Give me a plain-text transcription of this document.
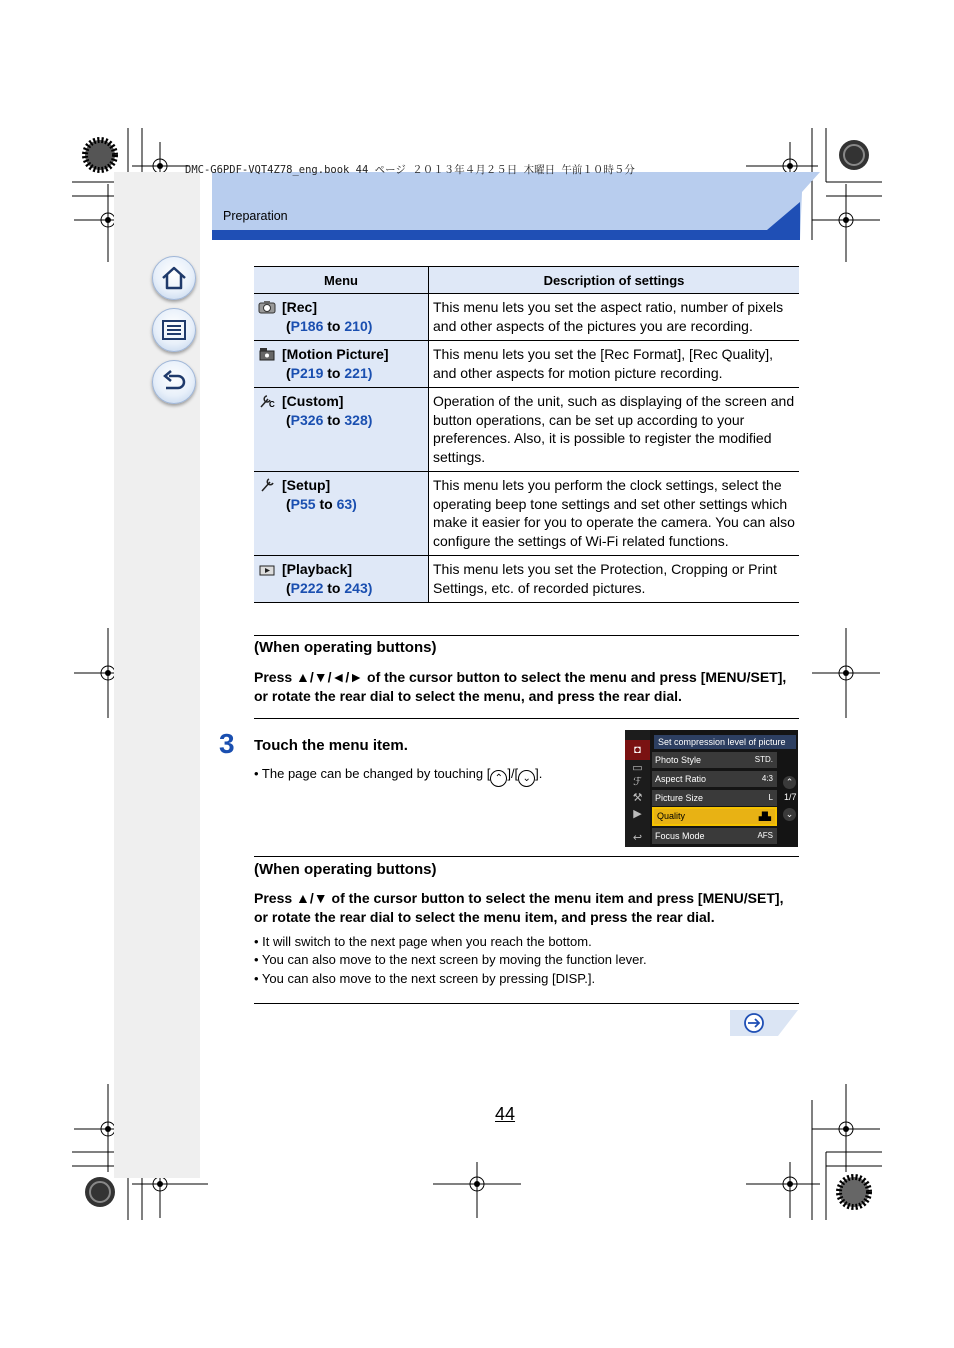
Preparation
DMC-G6PDF-VQT4Z78_eng.book 44 ページ ２０１３年４月２５日 木曜日 午前１０時５分
Menu	Description of settings
[Rec]
(P186 to 210)	This menu lets you set the aspect ratio, number of pixels and other aspects of the pictures you are recording.
[Motion Picture]
(P219 to 221)	This menu lets you set the [Rec Format], [Rec Quality], and other aspects for motion picture recording.

C [Custom]
(P326 to 328)	Operation of the unit, such as displaying of the screen and button operations, can be set up according to your preferences. Also, it is possible to register the modified settings.
[Setup]
(P55 to 63)	This menu lets you perform the clock settings, select the operating beep tone settings and set other settings which make it easier for you to operate the camera. You can also configure the settings of Wi-Fi related functions.
[Playback]
(P222 to 243)	This menu lets you set the Protection, Cropping or Print Settings, etc. of recorded pictures.
(When operating buttons)
Press ▲/▼/◄/► of the cursor button to select the menu and press [MENU/SET], or rotate the rear dial to select the menu, and press the rear dial.
3 Touch the menu item.
• The page can be changed by touching [ ⌃ ]/[ ⌄ ].
◘
▭
ℱ
⚒
▶
↩
Set compression level of picture
Photo Style	STD.
Aspect Ratio	4:3
Picture Size	L
Quality	▟▙
Focus Mode	AFS
⌃
1/7
⌄
(When operating buttons)
Press ▲/▼ of the cursor button to select the menu item and press [MENU/SET], or rotate the rear dial to select the menu item, and press the rear dial.
• It will switch to the next page when you reach the bottom.
• You can also move to the next screen by moving the function lever.
• You can also move to the next screen by pressing [DISP.].
44
